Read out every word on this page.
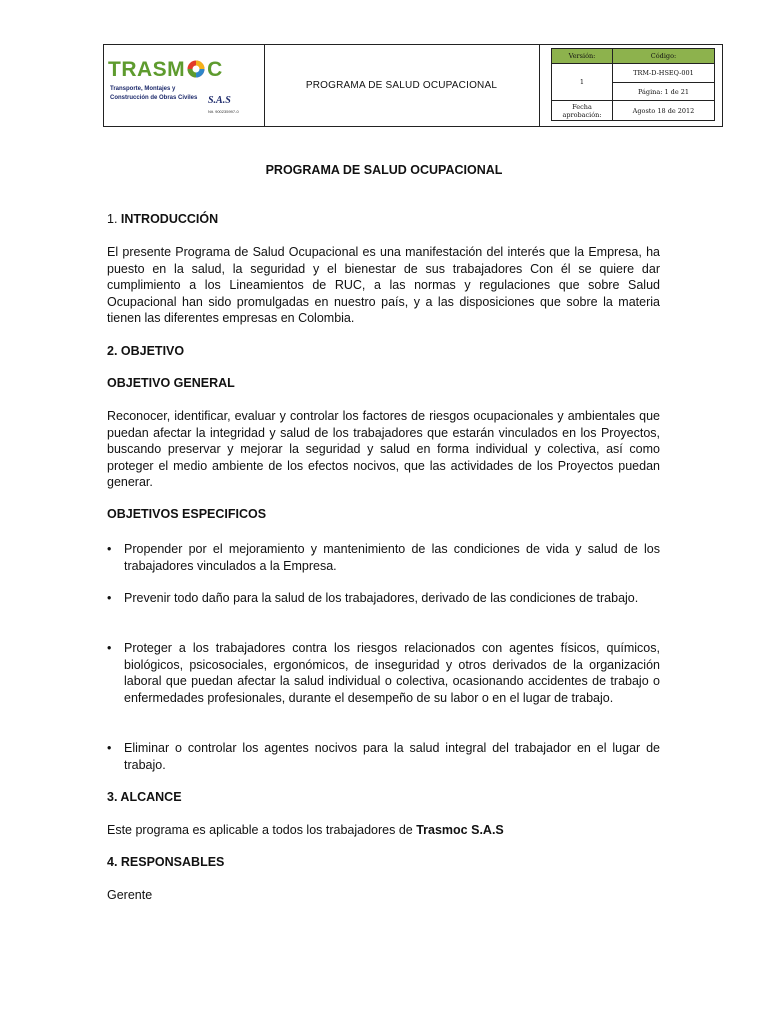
TRASM C
Transporte, Montajes y
Construcción de Obras Civiles	S.A.S
Nit. 900235997-0
PROGRAMA DE SALUD OCUPACIONAL
Versión:	Código:
1	TRM-D-HSEQ-001
	Página: 1 de 21
Fecha aprobación:	Agosto 18 de 2012
PROGRAMA DE SALUD OCUPACIONAL
1. INTRODUCCIÓN
El presente Programa de Salud Ocupacional es una manifestación del interés que la Empresa, ha puesto en la salud, la seguridad y el bienestar de sus trabajadores Con él se quiere dar cumplimiento a los Lineamientos de RUC, a las normas y regulaciones que sobre Salud Ocupacional han sido promulgadas en nuestro país, y a las disposiciones que sobre la materia tienen las diferentes empresas en Colombia.
2. OBJETIVO
OBJETIVO GENERAL
Reconocer, identificar, evaluar y controlar los factores de riesgos ocupacionales y ambientales que puedan afectar la integridad y salud de los trabajadores que estarán vinculados en los Proyectos, buscando preservar y mejorar la seguridad y salud en forma individual y colectiva, así como proteger el medio ambiente de los efectos nocivos, que las actividades de los Proyectos puedan generar.
OBJETIVOS ESPECIFICOS
• Propender por el mejoramiento y mantenimiento de las condiciones de vida y salud de los trabajadores vinculados a la Empresa.
• Prevenir todo daño para la salud de los trabajadores, derivado de las condiciones de trabajo.
• Proteger a los trabajadores contra los riesgos relacionados con agentes físicos, químicos, biológicos, psicosociales, ergonómicos, de inseguridad y otros derivados de la organización laboral que puedan afectar la salud individual o colectiva, ocasionando accidentes de trabajo o enfermedades profesionales, durante el desempeño de su labor o en el lugar de trabajo.
• Eliminar o controlar los agentes nocivos para la salud integral del trabajador en el lugar de trabajo.
3. ALCANCE
Este programa es aplicable a todos los trabajadores de Trasmoc S.A.S
4. RESPONSABLES
Gerente
